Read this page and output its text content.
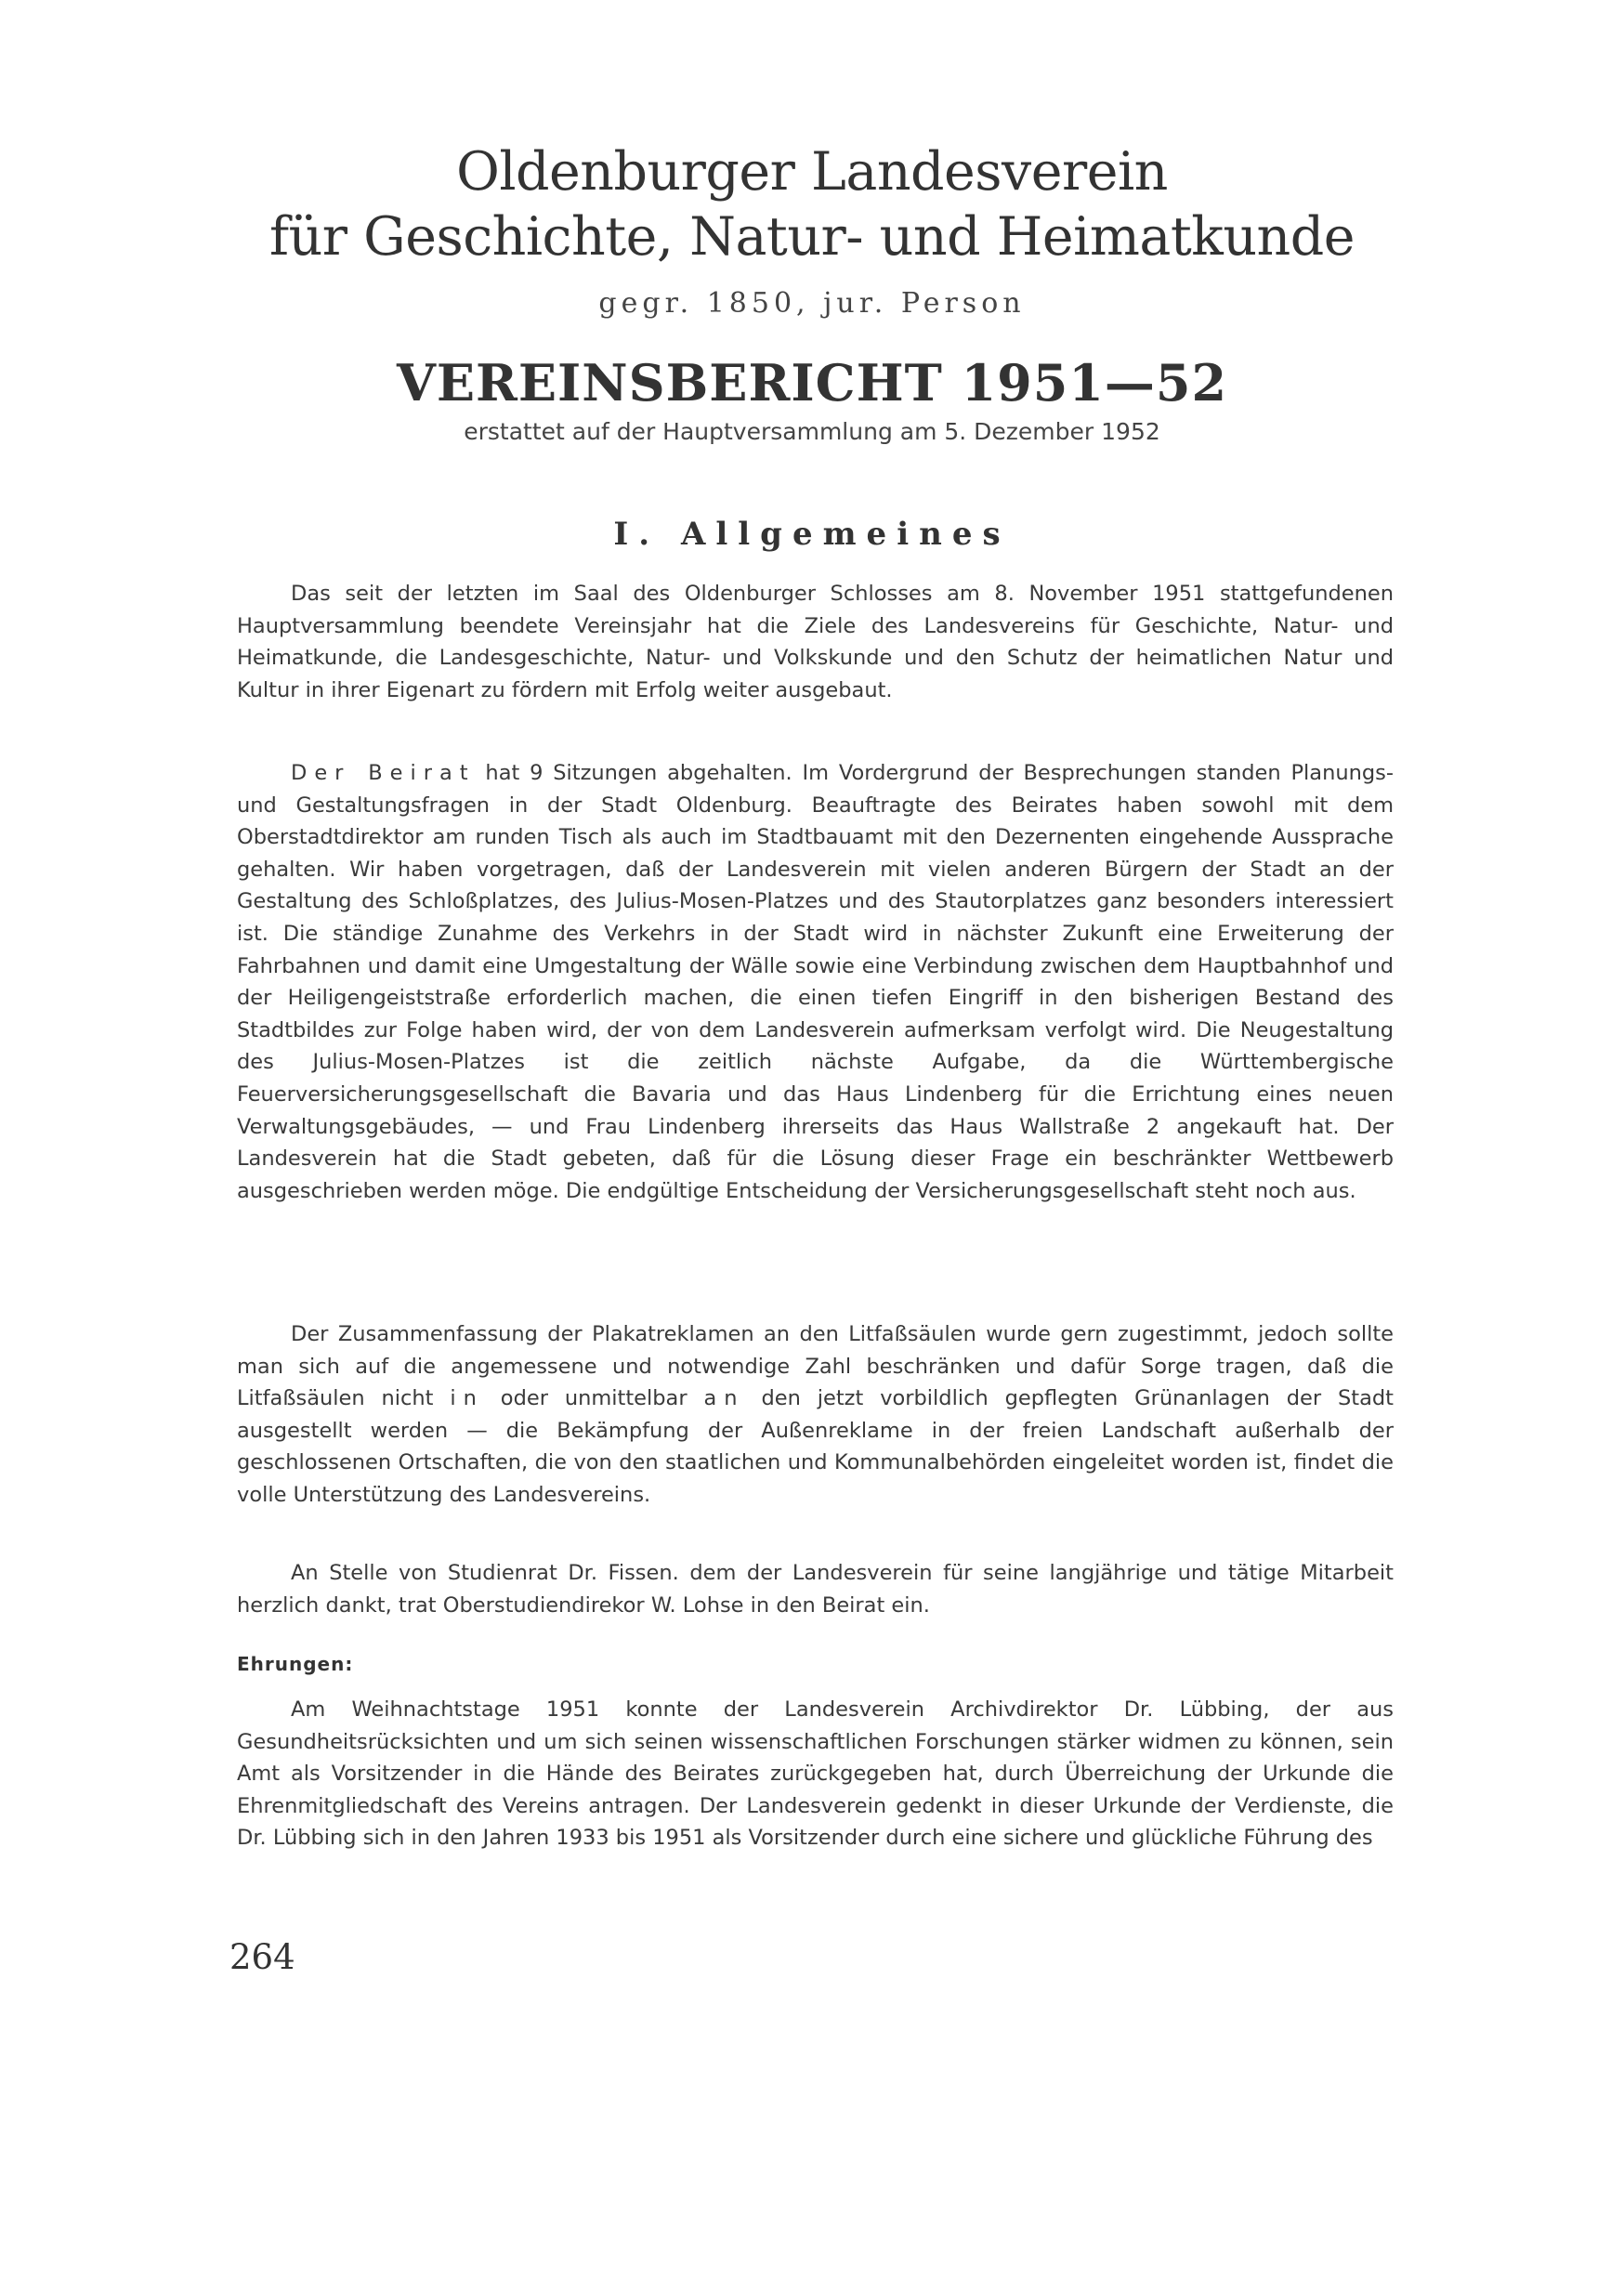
Oldenburger Landesverein
für Geschichte, Natur- und Heimatkunde
gegr. 1850, jur. Person
VEREINSBERICHT 1951—52
erstattet auf der Hauptversammlung am 5. Dezember 1952
I. Allgemeines

Das seit der letzten im Saal des Oldenburger Schlosses am 8. November 1951 stattgefundenen Hauptversammlung beendete Vereinsjahr hat die Ziele des Landesvereins für Geschichte, Natur- und Heimatkunde, die Landesgeschichte, Natur- und Volkskunde und den Schutz der heimatlichen Natur und Kultur in ihrer Eigenart zu fördern mit Erfolg weiter ausgebaut.

Der Beirat hat 9 Sitzungen abgehalten. Im Vordergrund der Besprechungen standen Planungs- und Gestaltungsfragen in der Stadt Oldenburg. Beauftragte des Beirates haben sowohl mit dem Oberstadtdirektor am runden Tisch als auch im Stadtbauamt mit den Dezernenten eingehende Aussprache gehalten. Wir haben vorgetragen, daß der Landesverein mit vielen anderen Bürgern der Stadt an der Gestaltung des Schloßplatzes, des Julius-Mosen-Platzes und des Stautorplatzes ganz besonders interessiert ist. Die ständige Zunahme des Verkehrs in der Stadt wird in nächster Zukunft eine Erweiterung der Fahrbahnen und damit eine Umgestaltung der Wälle sowie eine Verbindung zwischen dem Hauptbahnhof und der Heiligengeiststraße erforderlich machen, die einen tiefen Eingriff in den bisherigen Bestand des Stadtbildes zur Folge haben wird, der von dem Landesverein aufmerksam verfolgt wird. Die Neugestaltung des Julius-Mosen-Platzes ist die zeitlich nächste Aufgabe, da die Württembergische Feuerversicherungsgesellschaft die Bavaria und das Haus Lindenberg für die Errichtung eines neuen Verwaltungsgebäudes, — und Frau Lindenberg ihrerseits das Haus Wallstraße 2 angekauft hat. Der Landesverein hat die Stadt gebeten, daß für die Lösung dieser Frage ein beschränkter Wettbewerb ausgeschrieben werden möge. Die endgültige Entscheidung der Versicherungsgesellschaft steht noch aus.

Der Zusammenfassung der Plakatreklamen an den Litfaßsäulen wurde gern zugestimmt, jedoch sollte man sich auf die angemessene und notwendige Zahl beschränken und dafür Sorge tragen, daß die Litfaßsäulen nicht in oder unmittelbar an den jetzt vorbildlich gepflegten Grünanlagen der Stadt ausgestellt werden — die Bekämpfung der Außenreklame in der freien Landschaft außerhalb der geschlossenen Ortschaften, die von den staatlichen und Kommunalbehörden eingeleitet worden ist, findet die volle Unterstützung des Landesvereins.

An Stelle von Studienrat Dr. Fissen. dem der Landesverein für seine langjährige und tätige Mitarbeit herzlich dankt, trat Oberstudiendirekor W. Lohse in den Beirat ein.

Ehrungen:

Am Weihnachtstage 1951 konnte der Landesverein Archivdirektor Dr. Lübbing, der aus Gesundheitsrücksichten und um sich seinen wissenschaftlichen Forschungen stärker widmen zu können, sein Amt als Vorsitzender in die Hände des Beirates zurückgegeben hat, durch Überreichung der Urkunde die Ehrenmitgliedschaft des Vereins antragen. Der Landesverein gedenkt in dieser Urkunde der Verdienste, die Dr. Lübbing sich in den Jahren 1933 bis 1951 als Vorsitzender durch eine sichere und glückliche Führung des

264
